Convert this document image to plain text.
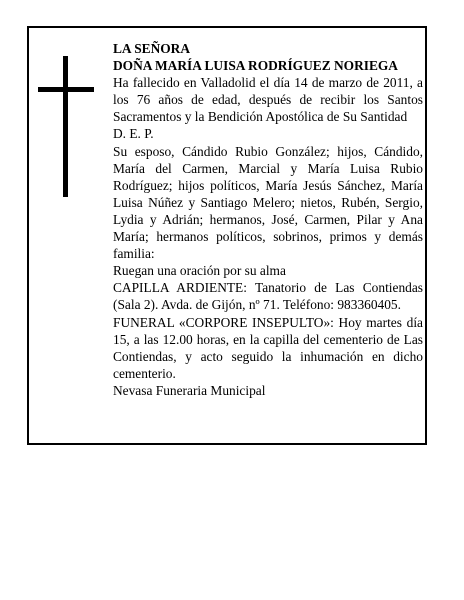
LA SEÑORA

DOÑA MARÍA LUISA RODRÍGUEZ NORIEGA

Ha fallecido en Valladolid el día 14 de marzo de 2011, a los 76 años de edad, después de recibir los Santos Sacramentos y la Bendición Apostólica de Su Santidad

D. E. P.

Su esposo, Cándido Rubio González; hijos, Cándido, María del Carmen, Marcial y María Luisa Rubio Rodríguez; hijos políticos, María Jesús Sánchez, María Luisa Núñez y Santiago Melero; nietos, Rubén, Sergio, Lydia y Adrián; hermanos, José, Carmen, Pilar y Ana María; hermanos políticos, sobrinos, primos y demás familia:

Ruegan una oración por su alma

CAPILLA ARDIENTE: Tanatorio de Las Contiendas (Sala 2). Avda. de Gijón, nº 71. Teléfono: 983360405.

FUNERAL «CORPORE INSEPULTO»: Hoy martes día 15, a las 12.00 horas, en la capilla del cementerio de Las Contiendas, y acto seguido la inhumación en dicho cementerio.

Nevasa Funeraria Municipal
